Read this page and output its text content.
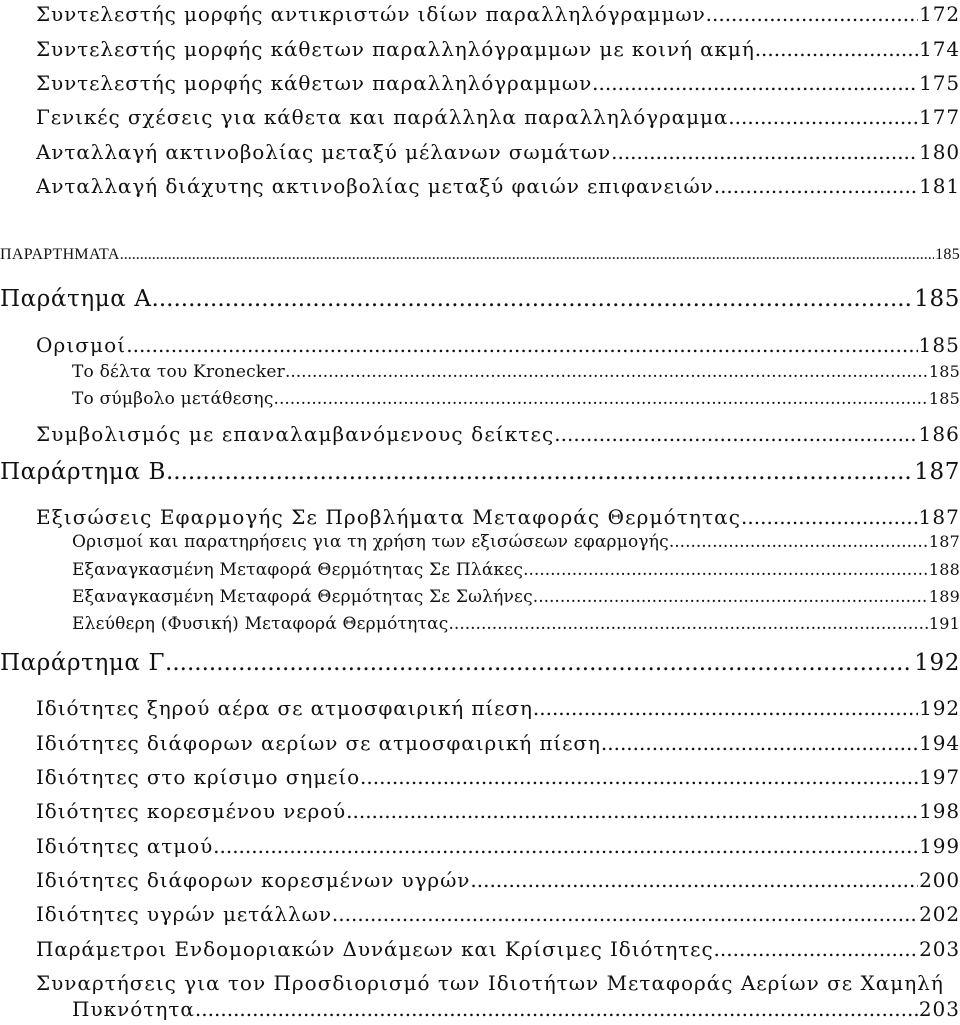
Συντελεστής μορφής αντικριστών ιδίων παραλληλόγραμμων .....	172
Συντελεστής μορφής κάθετων παραλληλόγραμμων με κοινή ακμή .....	174
Συντελεστής μορφής κάθετων παραλληλόγραμμων .....	175
Γενικές σχέσεις για κάθετα και παράλληλα παραλληλόγραμμα .....	177
Ανταλλαγή ακτινοβολίας μεταξύ μέλανων σωμάτων .....	180
Ανταλλαγή διάχυτης ακτινοβολίας μεταξύ φαιών επιφανειών .....	181
ΠΑΡΑΡΤΗΜΑΤΑ .....	185
Παράτημα Α .....	185
Ορισμοί .....	185
Το δέλτα του Kronecker .....	185
Το σύμβολο μετάθεσης .....	185
Συμβολισμός με επαναλαμβανόμενους δείκτες .....	186
Παράρτημα Β .....	187
Εξισώσεις Εφαρμογής Σε Προβλήματα Μεταφοράς Θερμότητας .....	187
Ορισμοί και παρατηρήσεις για τη χρήση των εξισώσεων εφαρμογής .....	187
Εξαναγκασμένη Μεταφορά Θερμότητας Σε Πλάκες .....	188
Εξαναγκασμένη Μεταφορά Θερμότητας Σε Σωλήνες .....	189
Ελεύθερη (Φυσική) Μεταφορά Θερμότητας .....	191
Παράρτημα Γ .....	192
Ιδιότητες ξηρού αέρα σε ατμοσφαιρική πίεση .....	192
Ιδιότητες διάφορων αερίων σε ατμοσφαιρική πίεση .....	194
Ιδιότητες στο κρίσιμο σημείο .....	197
Ιδιότητες κορεσμένου νερού .....	198
Ιδιότητες ατμού .....	199
Ιδιότητες διάφορων κορεσμένων υγρών .....	200
Ιδιότητες υγρών μετάλλων .....	202
Παράμετροι Ενδομοριακών Δυνάμεων και Κρίσιμες Ιδιότητες .....	203
Συναρτήσεις για τον Προσδιορισμό των Ιδιοτήτων Μεταφοράς Αερίων σε Χαμηλή
Πυκνότητα .....	203
